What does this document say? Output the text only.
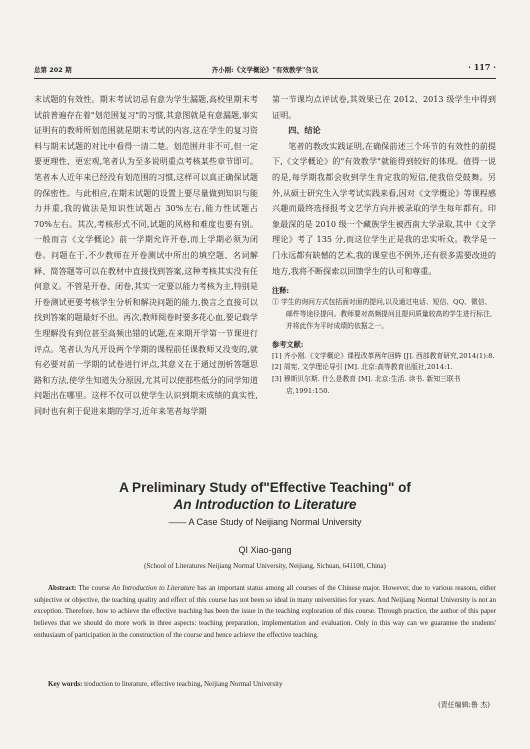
总第 202 期	齐小刚:《文学概论》"有效教学"刍议	· 117 ·

末试题的有效性。期末考试切忌有意为学生漏题,高校里期末考试前普遍存在着"划范围复习"的习惯,其意图就是有意漏题,事实证明有的教师所划范围就是期末考试的内容,这在学生的复习资料与期末试题的对比中看得一清二楚。划范围并非不可,但一定要更理性、更宏观,笔者认为至多说明重点考核某些章节即可。笔者本人近年来已经没有划范围的习惯,这样可以真正确保试题的保密性。与此相应,在期末试题的设置上要尽量做到知识与能力并重,我的做法是知识性试题占 30%左右,能力性试题占 70%左右。其次,考核形式不同,试题的风格和难度也要有别。一般而言《文学概论》前一学期允许开卷,而上学期必须为闭卷。问题在于,不少教师在开卷测试中所出的填空题、名词解释、简答题等可以在教材中直接找到答案,这种考核其实没有任何意义。不管是开卷、闭卷,其实一定要以能力考核为主,特别是开卷测试更要考核学生分析和解决问题的能力,换言之直接可以找到答案的题最好不出。再次,教师阅卷时要多花心血,要记载学生理解没有到位甚至高频出错的试题,在来期开学第一节课进行评点。笔者认为凡开设两个学期的课程前任课教师又没变的,就有必要对前一学期的试卷进行评点,其意义在于通过剖析答题思路和方法,使学生知道失分原因,尤其可以使那些低分的同学知道问题出在哪里。这样不仅可以使学生认识到期末成绩的真实性,同时也有利于促进来期的学习,近年来笔者每学期

第一节课均点评试卷,其效果已在 2012、2013 级学生中得到证明。

四、结论

笔者的教改实践证明,在确保前述三个环节的有效性的前提下,《文学概论》的"有效教学"就能得到较好的体现。值得一说的是,每学期我都会收到学生肯定我的短信,使我倍受鼓舞。另外,从硕士研究生入学考试实践来看,因对《文学概论》等课程感兴趣而最终选择报考文艺学方向并被录取的学生每年都有。印象最深的是 2010 级一个藏族学生被西南大学录取,其中《文学理论》考了 135 分,而这位学生正是我的忠实听众。教学是一门永远都有缺憾的艺术,我的课堂也不例外,还有很多需要改进的地方,我将不断探索以回馈学生的认可和尊重。

注释:

① 学生的询问方式包括面对面的提问,以及通过电话、短信、QQ、微信、邮件等途径提问。教师要对高频提问且提问质量较高的学生进行标注,并将此作为平时成绩的依据之一。

参考文献:

[1] 齐小刚.《文学概论》课程改革两年回眸 [J]. 西部教育研究,2014(1):8.

[2] 周宪. 文学理论导引 [M]. 北京:高等教育出版社,2014:1.

[3] 穆斯贝尔斯. 什么是教育 [M]. 北京:生活. 读书. 新知三联书店,1991:150.

A Preliminary Study of"Effective Teaching" of
An Introduction to Literature
—— A Case Study of Neijiang Normal University
QI Xiao-gang
(School of Literatures Neijiang Normal University, Neijiang, Sichuan, 641100, China)
Abstract: The course An Introduction to Literature has an important status among all courses of the Chinese major. However, due to various reasons, either subjective or objective, the teaching quality and effect of this course has not been so ideal in many universities for years. And Neijiang Normal University is not an exception. Therefore, how to achieve the effective teaching has been the issue in the teaching exploration of this course. Through practice, the author of this paper believes that we should do more work in three aspects: teaching preparation, implementation and evaluation. Only in this way can we guarantee the students' enthusiasm of participation in the construction of the course and hence achieve the effective teaching.
Key words: troduction to literature, effective teaching, Neijiang Normal University
(责任编辑:鲁 杰)
